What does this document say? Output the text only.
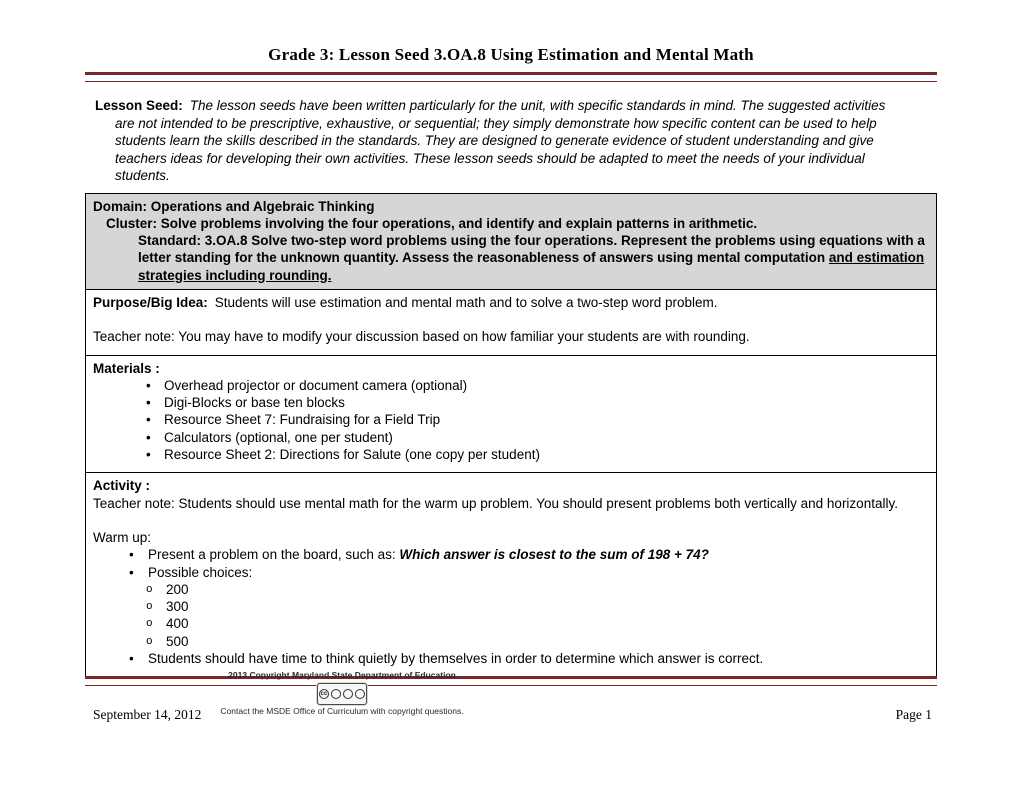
Grade 3: Lesson Seed 3.OA.8 Using Estimation and Mental Math

Lesson Seed: The lesson seeds have been written particularly for the unit, with specific standards in mind. The suggested activities are not intended to be prescriptive, exhaustive, or sequential; they simply demonstrate how specific content can be used to help students learn the skills described in the standards. They are designed to generate evidence of student understanding and give teachers ideas for developing their own activities. These lesson seeds should be adapted to meet the needs of your individual students.

Domain: Operations and Algebraic Thinking
Cluster: Solve problems involving the four operations, and identify and explain patterns in arithmetic.
Standard: 3.OA.8 Solve two-step word problems using the four operations. Represent the problems using equations with a letter standing for the unknown quantity. Assess the reasonableness of answers using mental computation and estimation strategies including rounding.

Purpose/Big Idea: Students will use estimation and mental math and to solve a two-step word problem.
Teacher note: You may have to modify your discussion based on how familiar your students are with rounding.

Materials :
• Overhead projector or document camera (optional)
• Digi-Blocks or base ten blocks
• Resource Sheet 7: Fundraising for a Field Trip
• Calculators (optional, one per student)
• Resource Sheet 2: Directions for Salute (one copy per student)

Activity :
Teacher note: Students should use mental math for the warm up problem. You should present problems both vertically and horizontally.
Warm up:
• Present a problem on the board, such as: Which answer is closest to the sum of 198 + 74?
• Possible choices:
o 200
o 300
o 400
o 500
• Students should have time to think quietly by themselves in order to determine which answer is correct.
2013 Copyright Maryland State Department of Education
cc
Contact the MSDE Office of Curriculum with copyright questions.
September 14, 2012	Page 1
